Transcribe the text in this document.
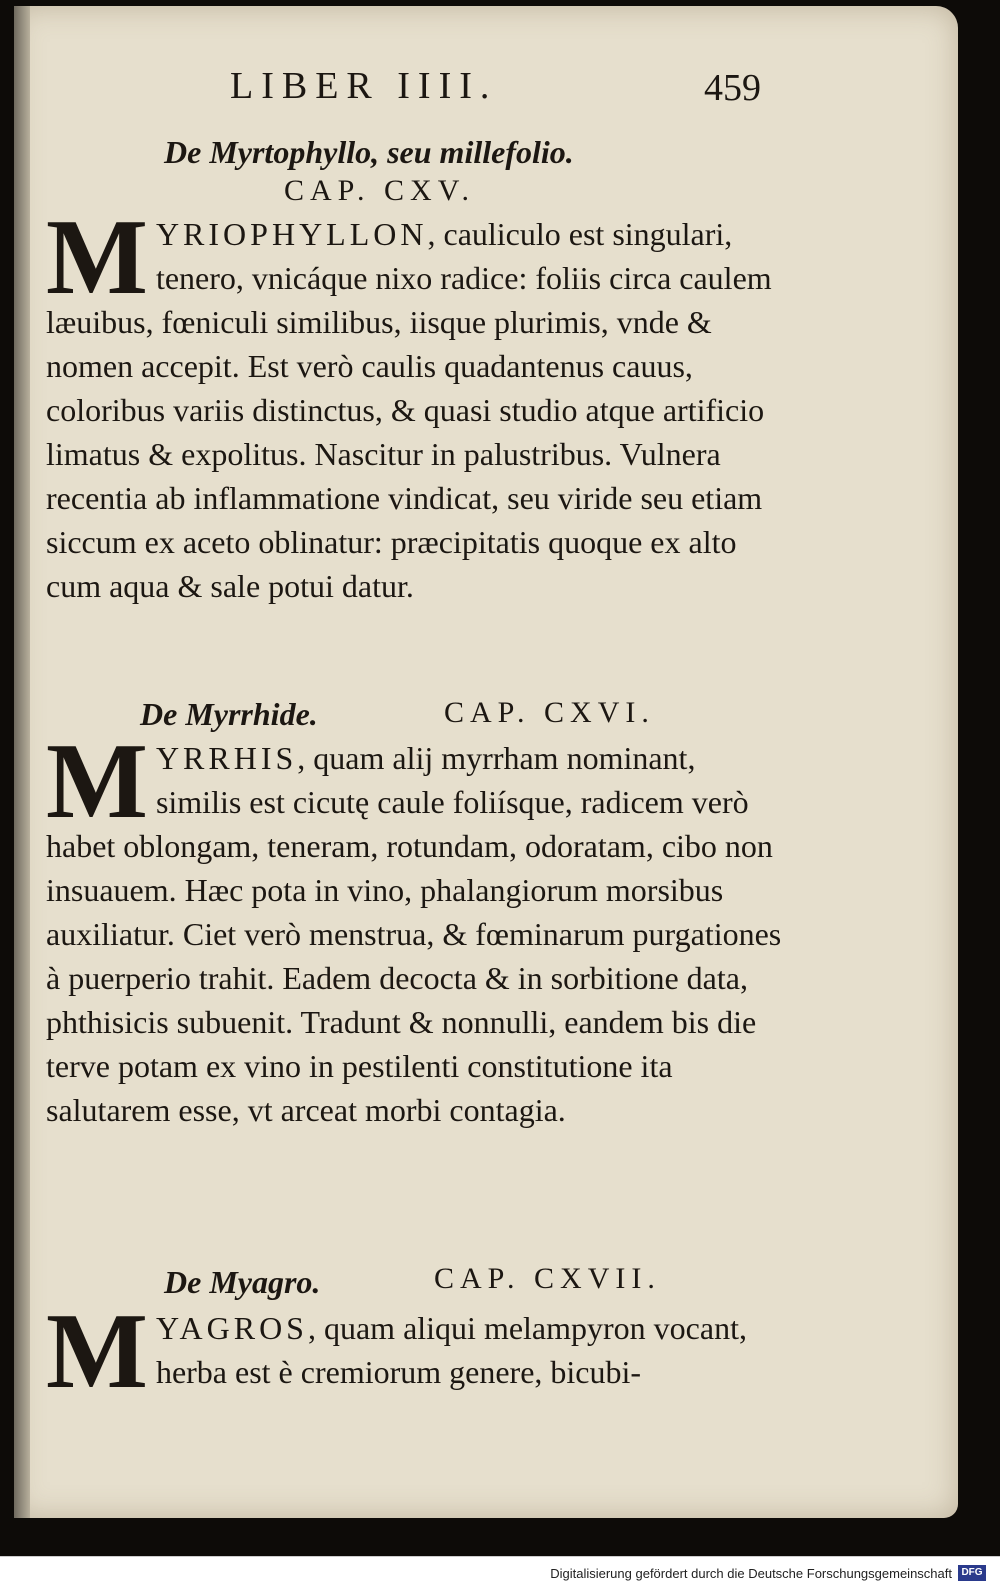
LIBER IIII.	459
De Myrtophyllo, seu millefolio.
CAP. CXV.
MYRIOPHYLLON, cauliculo est singulari, tenero, vnicáque nixo radice: foliis circa caulem læuibus, fœniculi similibus, iisque plurimis, vnde & nomen accepit. Est verò caulis quadantenus cauus, coloribus variis distinctus, & quasi studio atque artificio limatus & expolitus. Nascitur in palustribus. Vulnera recentia ab inflammatione vindicat, seu viride seu etiam siccum ex aceto oblinatur: præcipitatis quoque ex alto cum aqua & sale potui datur.
De Myrrhide.	CAP. CXVI.
MYRRHIS, quam alij myrrham nominant, similis est cicutę caule foliísque, radicem verò habet oblongam, teneram, rotundam, odoratam, cibo non insuauem. Hæc pota in vino, phalangiorum morsibus auxiliatur. Ciet verò menstrua, & fœminarum purgationes à puerperio trahit. Eadem decocta & in sorbitione data, phthisicis subuenit. Tradunt & nonnulli, eandem bis die terve potam ex vino in pestilenti constitutione ita salutarem esse, vt arceat morbi contagia.
De Myagro.	CAP. CXVII.
MYAGROS, quam aliqui melampyron vocant, herba est è cremiorum genere, bicubi-
Digitalisierung gefördert durch die Deutsche Forschungsgemeinschaft DFG
